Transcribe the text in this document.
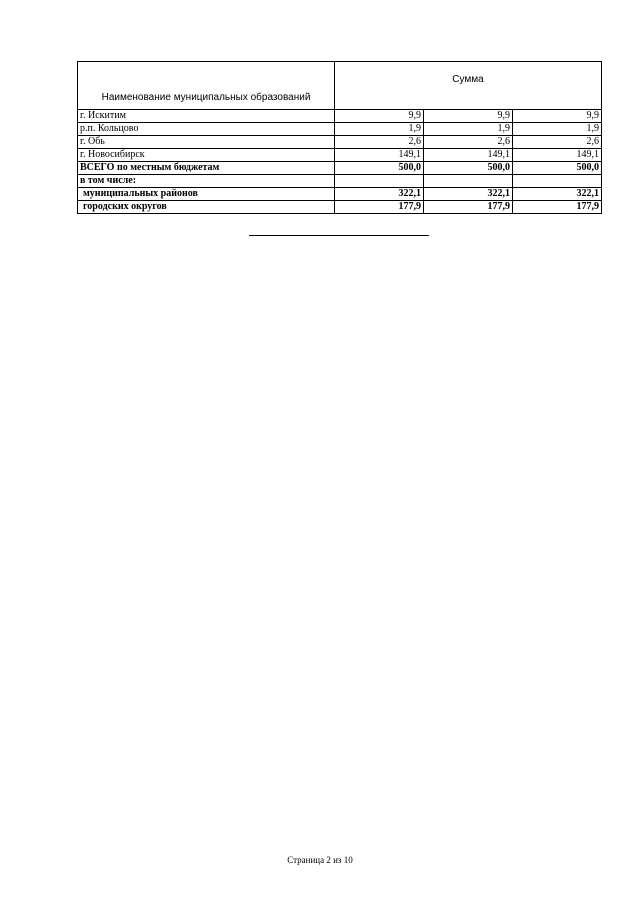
Наименование муниципальных образований	Сумма		
г. Искитим	9,9	9,9	9,9
р.п. Кольцово	1,9	1,9	1,9
г. Обь	2,6	2,6	2,6
г. Новосибирск	149,1	149,1	149,1
ВСЕГО по местным бюджетам	500,0	500,0	500,0
в том числе:			
муниципальных районов	322,1	322,1	322,1
городских округов	177,9	177,9	177,9
Страница 2 из 10
